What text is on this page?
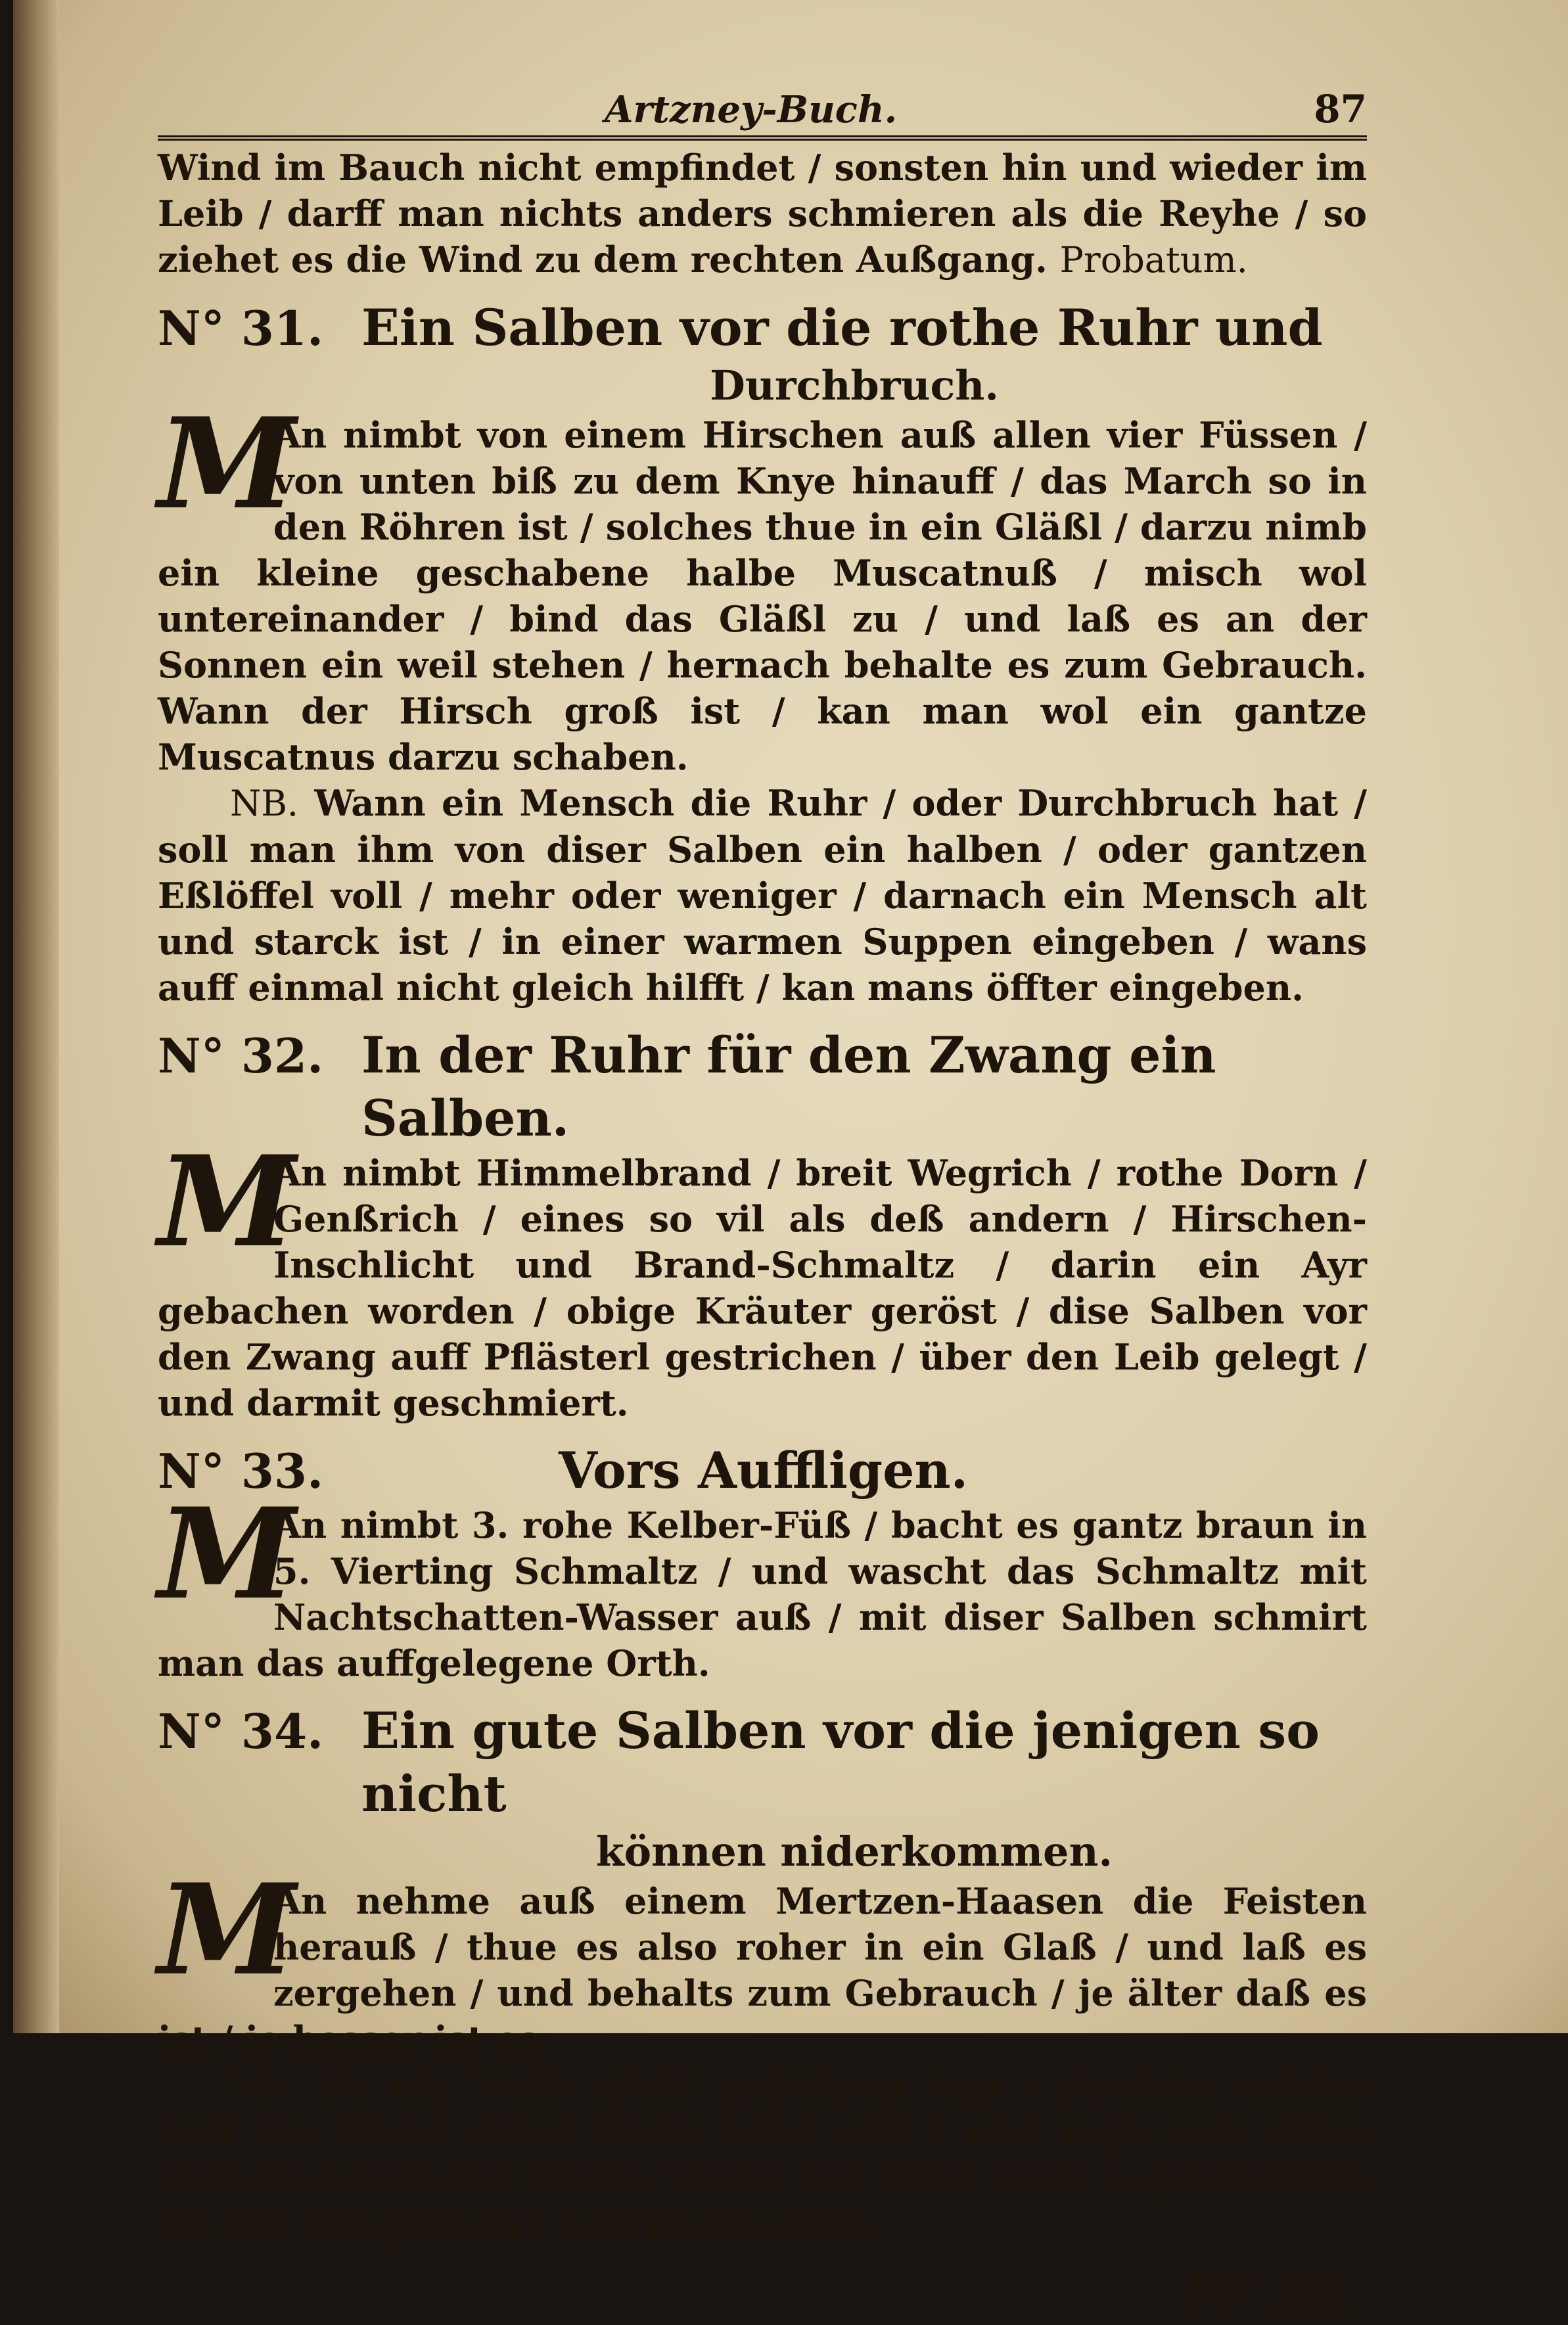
Artzney-Buch.	87

Wind im Bauch nicht empfindet / sonsten hin und wieder im Leib / darff man nichts anders schmieren als die Reyhe / so ziehet es die Wind zu dem rechten Außgang. Probatum.

N° 31. Ein Salben vor die rothe Ruhr und
Durchbruch.

M
An nimbt von einem Hirschen auß allen vier Füssen / von unten biß zu dem Knye hinauff / das March so in den Röhren ist / solches thue in ein Gläßl / darzu nimb ein kleine geschabene halbe Muscatnuß / misch wol untereinander / bind das Gläßl zu / und laß es an der Sonnen ein weil stehen / hernach behalte es zum Gebrauch. Wann der Hirsch groß ist / kan man wol ein gantze Muscatnus darzu schaben.

NB. Wann ein Mensch die Ruhr / oder Durchbruch hat / soll man ihm von diser Salben ein halben / oder gantzen Eßlöffel voll / mehr oder weniger / darnach ein Mensch alt und starck ist / in einer warmen Suppen eingeben / wans auff einmal nicht gleich hilfft / kan mans öffter eingeben.

N° 32. In der Ruhr für den Zwang ein Salben.

M
An nimbt Himmelbrand / breit Wegrich / rothe Dorn / Genßrich / eines so vil als deß andern / Hirschen-Inschlicht und Brand-Schmaltz / darin ein Ayr gebachen worden / obige Kräuter geröst / dise Salben vor den Zwang auff Pflästerl gestrichen / über den Leib gelegt / und darmit geschmiert.

N° 33.	Vors Auffligen.

M
An nimbt 3. rohe Kelber-Füß / bacht es gantz braun in 5. Vierting Schmaltz / und wascht das Schmaltz mit Nachtschatten-Wasser auß / mit diser Salben schmirt man das auffgelegene Orth.

N° 34. Ein gute Salben vor die jenigen so nicht
können niderkommen.

M
An nehme auß einem Mertzen-Haasen die Feisten herauß / thue es also roher in ein Glaß / und laß es zergehen / und behalts zum Gebrauch / je älter daß es ist / je besser ist es.

NB. So ein Weib nicht gebähren kan / streiche solche auff ein Tüchl einer Hand breit auff / und legs dem Weib auff die Lend wol hinab / wann das Kind auch angewachsen ist / so ledigets ab / und ist bewehrt.

N° 35.
